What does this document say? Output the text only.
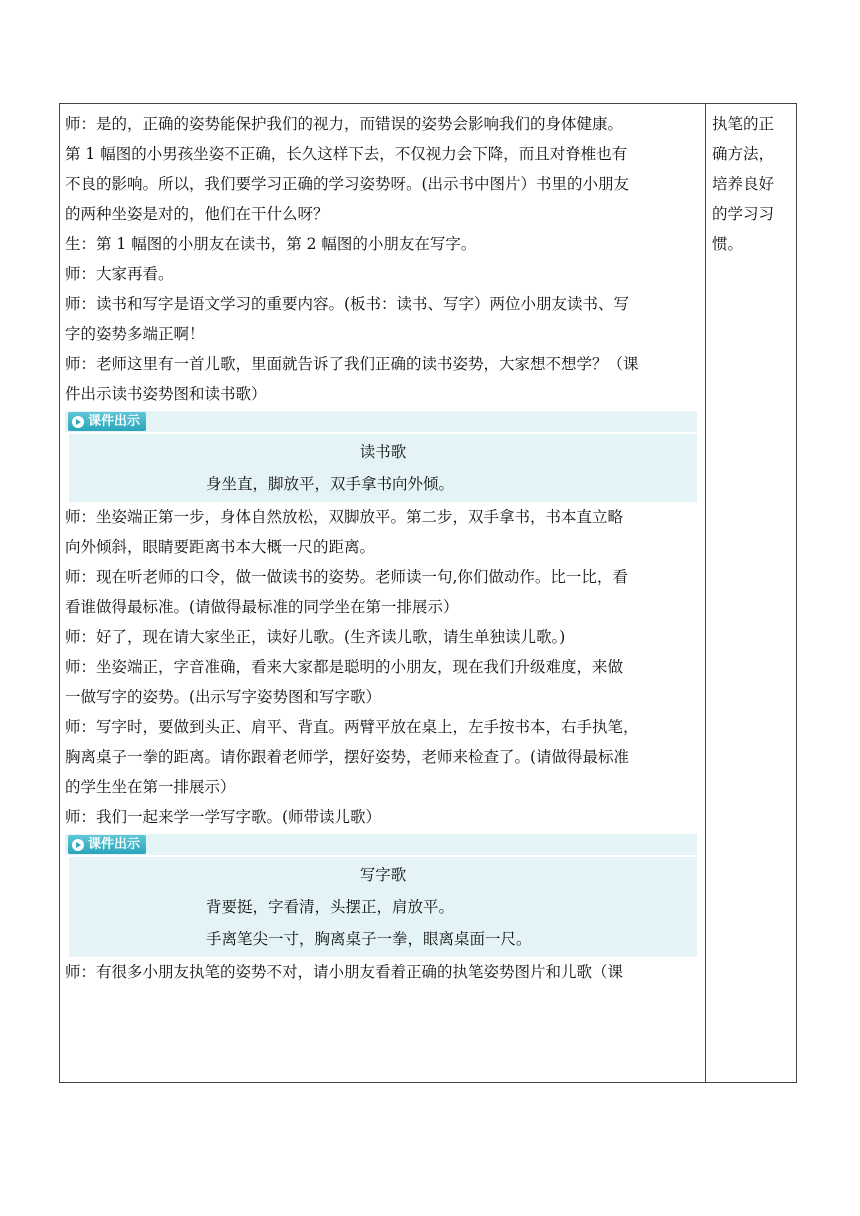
师：是的，正确的姿势能保护我们的视力，而错误的姿势会影响我们的身体健康。
第 1 幅图的小男孩坐姿不正确，长久这样下去，不仅视力会下降，而且对脊椎也有
不良的影响。所以，我们要学习正确的学习姿势呀。(出示书中图片）书里的小朋友
的两种坐姿是对的，他们在干什么呀？
生：第 1 幅图的小朋友在读书，第 2 幅图的小朋友在写字。
师：大家再看。
师：读书和写字是语文学习的重要内容。(板书：读书、写字）两位小朋友读书、写
字的姿势多端正啊！
师：老师这里有一首儿歌，里面就告诉了我们正确的读书姿势，大家想不想学？（课
件出示读书姿势图和读书歌）
课件出示
读书歌
身坐直，脚放平，双手拿书向外倾。
师：坐姿端正第一步，身体自然放松，双脚放平。第二步，双手拿书，书本直立略
向外倾斜，眼睛要距离书本大概一尺的距离。
师：现在听老师的口令，做一做读书的姿势。老师读一句,你们做动作。比一比，看
看谁做得最标准。(请做得最标准的同学坐在第一排展示）
师：好了，现在请大家坐正，读好儿歌。(生齐读儿歌，请生单独读儿歌。)
师：坐姿端正，字音准确，看来大家都是聪明的小朋友，现在我们升级难度，来做
一做写字的姿势。(出示写字姿势图和写字歌）
师：写字时，要做到头正、肩平、背直。两臂平放在桌上，左手按书本，右手执笔，
胸离桌子一拳的距离。请你跟着老师学，摆好姿势，老师来检查了。(请做得最标准
的学生坐在第一排展示）
师：我们一起来学一学写字歌。(师带读儿歌）
课件出示
写字歌
背要挺，字看清，头摆正，肩放平。
手离笔尖一寸，胸离桌子一拳，眼离桌面一尺。
师：有很多小朋友执笔的姿势不对，请小朋友看着正确的执笔姿势图片和儿歌（课
执笔的正
确方法，
培养良好
的学习习
惯。
